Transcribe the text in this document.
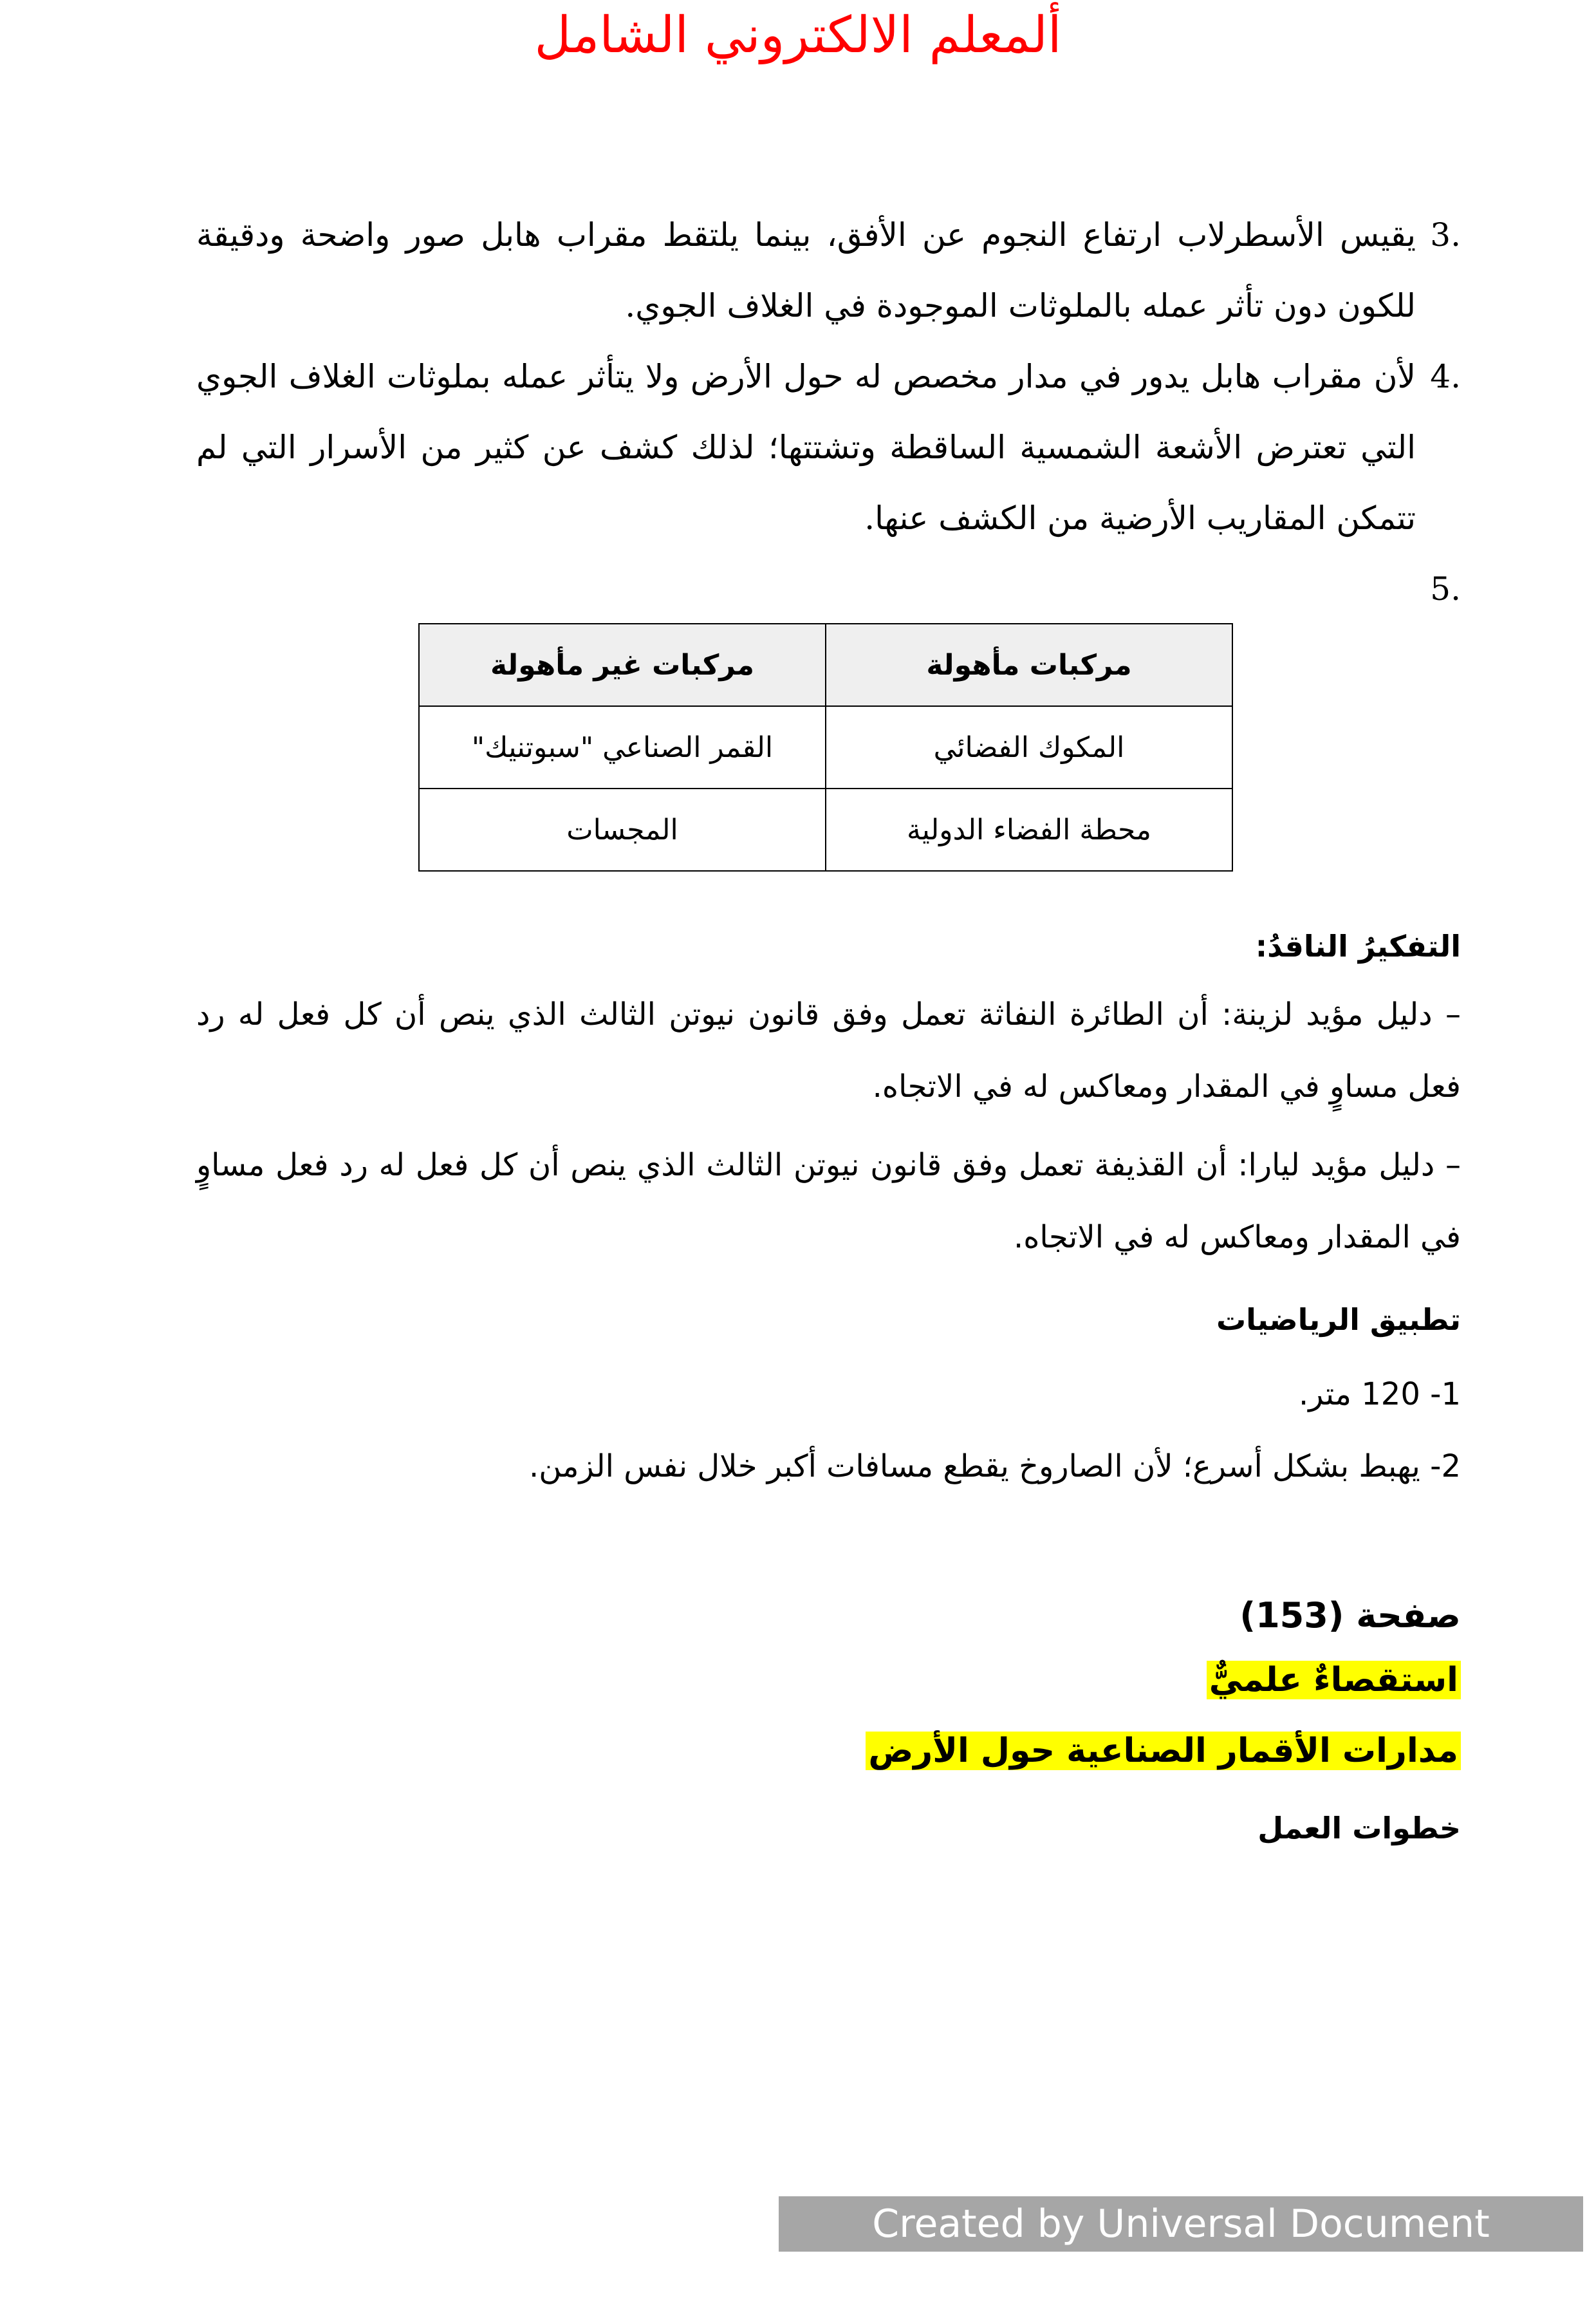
ألمعلم الالكتروني الشامل
3.
يقيس الأسطرلاب ارتفاع النجوم عن الأفق، بينما يلتقط مقراب هابل صور واضحة ودقيقة للكون دون تأثر عمله بالملوثات الموجودة في الغلاف الجوي.
4.
لأن مقراب هابل يدور في مدار مخصص له حول الأرض ولا يتأثر عمله بملوثات الغلاف الجوي التي تعترض الأشعة الشمسية الساقطة وتشتتها؛ لذلك كشف عن كثير من الأسرار التي لم تتمكن المقاريب الأرضية من الكشف عنها.
5.
مركبات مأهولة	مركبات غير مأهولة
المكوك الفضائي	القمر الصناعي "سبوتنيك"
محطة الفضاء الدولية	المجسات
التفكيرُ الناقدُ:
– دليل مؤيد لزينة: أن الطائرة النفاثة تعمل وفق قانون نيوتن الثالث الذي ينص أن كل فعل له رد فعل مساوٍ في المقدار ومعاكس له في الاتجاه.
– دليل مؤيد ليارا: أن القذيفة تعمل وفق قانون نيوتن الثالث الذي ينص أن كل فعل له رد فعل مساوٍ في المقدار ومعاكس له في الاتجاه.
تطبيق الرياضيات
1- 120 متر.
2- يهبط بشكل أسرع؛ لأن الصاروخ يقطع مسافات أكبر خلال نفس الزمن.
صفحة (153)
استقصاءٌ علميٌّ
مدارات الأقمار الصناعية حول الأرض
خطوات العمل
Created by Universal Document Converter
